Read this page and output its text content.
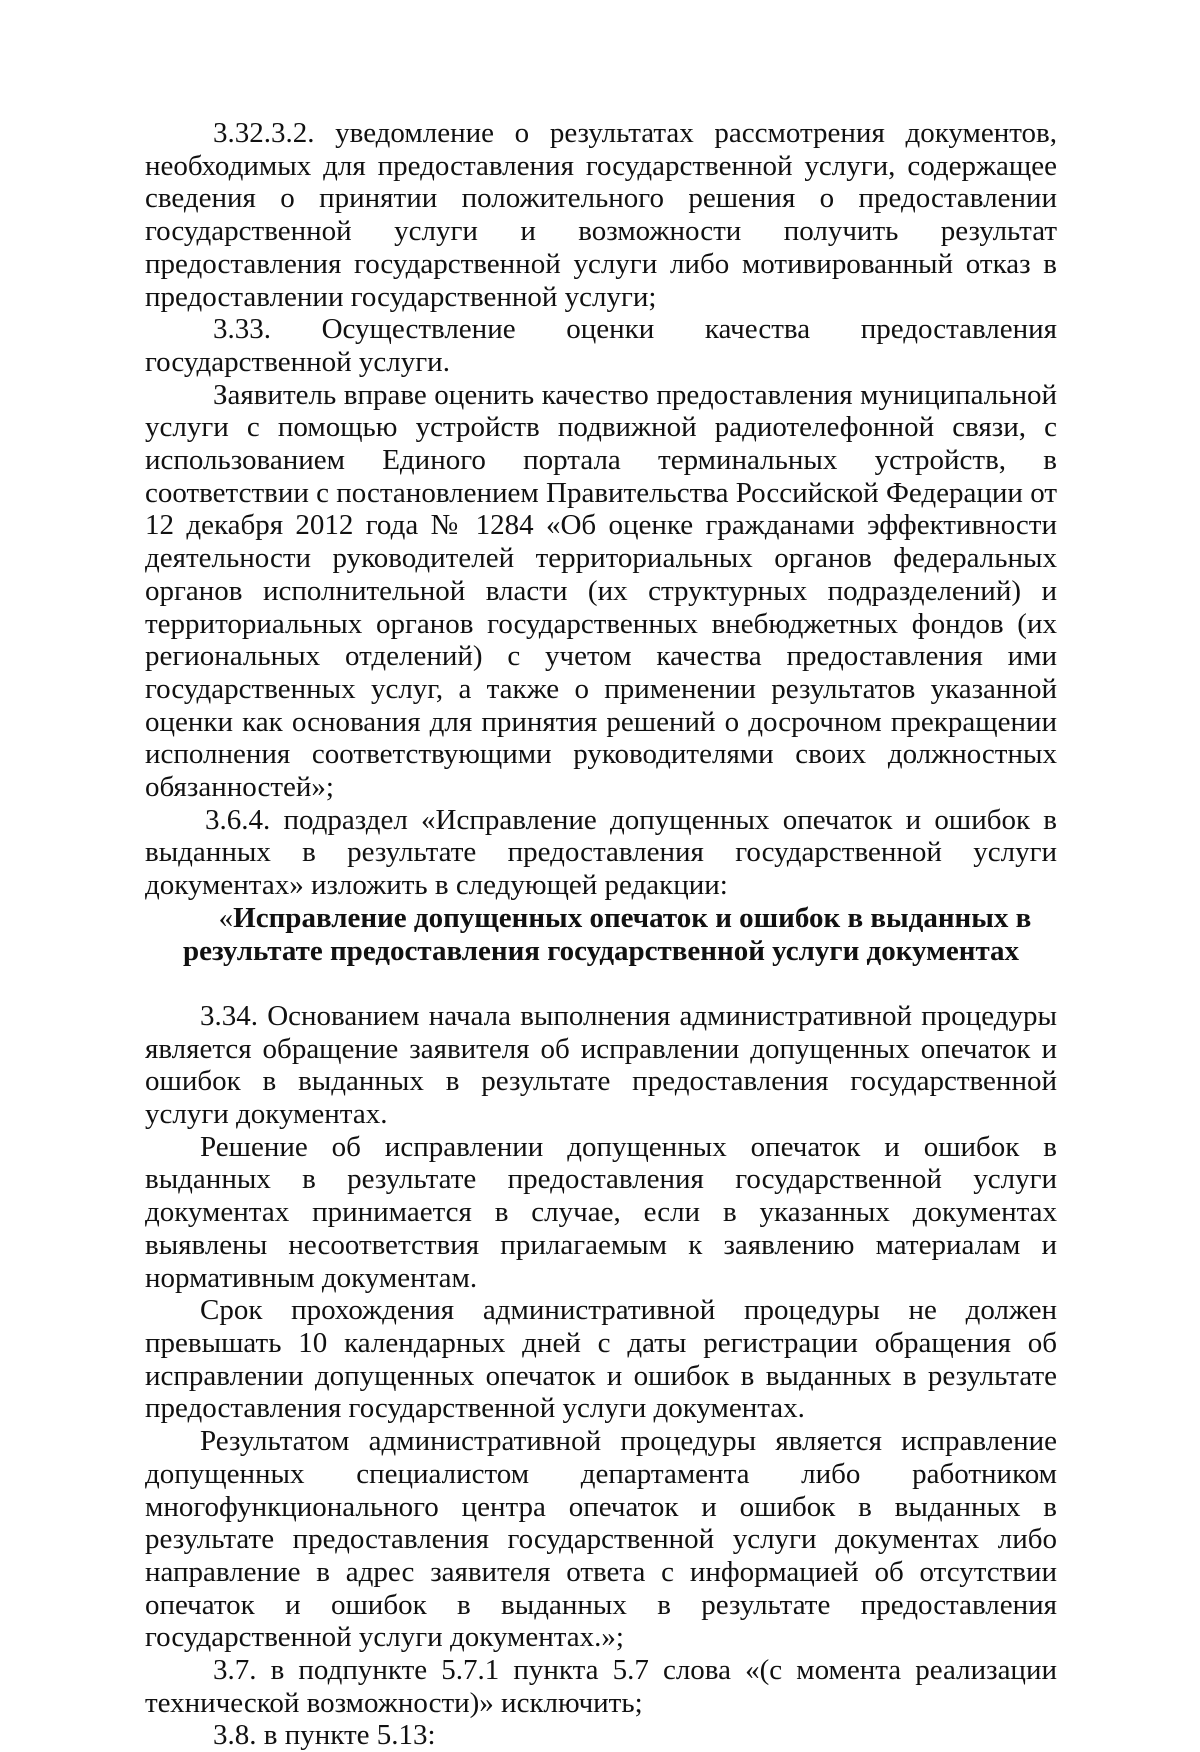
3.32.3.2. уведомление о результатах рассмотрения документов, необходимых для предоставления государственной услуги, содержащее сведения о принятии положительного решения о предоставлении государственной услуги и возможности получить результат предоставления государственной услуги либо мотивированный отказ в предоставлении государственной услуги;

3.33. Осуществление оценки качества предоставления государственной услуги.

Заявитель вправе оценить качество предоставления муниципальной услуги с помощью устройств подвижной радиотелефонной связи, с использованием Единого портала терминальных устройств, в соответствии с постановлением Правительства Российской Федерации от 12 декабря 2012 года № 1284 «Об оценке гражданами эффективности деятельности руководителей территориальных органов федеральных органов исполнительной власти (их структурных подразделений) и территориальных органов государственных внебюджетных фондов (их региональных отделений) с учетом качества предоставления ими государственных услуг, а также о применении результатов указанной оценки как основания для принятия решений о досрочном прекращении исполнения соответствующими руководителями своих должностных обязанностей»;

3.6.4. подраздел «Исправление допущенных опечаток и ошибок в выданных в результате предоставления государственной услуги документах» изложить в следующей редакции:

«Исправление допущенных опечаток и ошибок в выданных в результате предоставления государственной услуги документах

3.34. Основанием начала выполнения административной процедуры является обращение заявителя об исправлении допущенных опечаток и ошибок в выданных в результате предоставления государственной услуги документах.

Решение об исправлении допущенных опечаток и ошибок в выданных в результате предоставления государственной услуги документах принимается в случае, если в указанных документах выявлены несоответствия прилагаемым к заявлению материалам и нормативным документам.

Срок прохождения административной процедуры не должен превышать 10 календарных дней с даты регистрации обращения об исправлении допущенных опечаток и ошибок в выданных в результате предоставления государственной услуги документах.

Результатом административной процедуры является исправление допущенных специалистом департамента либо работником многофункционального центра опечаток и ошибок в выданных в результате предоставления государственной услуги документах либо направление в адрес заявителя ответа с информацией об отсутствии опечаток и ошибок в выданных в результате предоставления государственной услуги документах.»;

3.7. в подпункте 5.7.1 пункта 5.7 слова «(с момента реализации технической возможности)» исключить;

3.8. в пункте 5.13:
